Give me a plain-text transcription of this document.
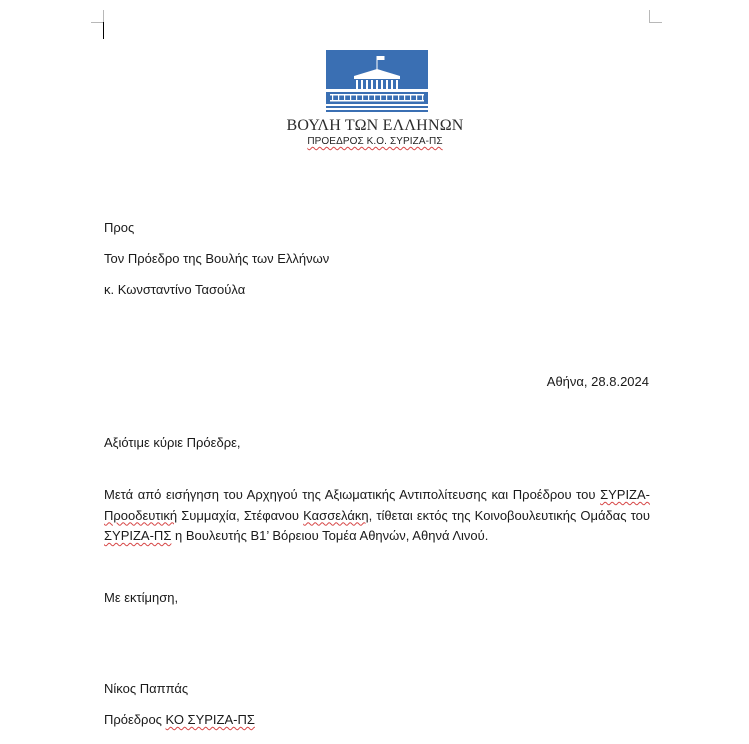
ΒΟΥΛΗ ΤΩΝ ΕΛΛΗΝΩΝ
ΠΡΟΕΔΡΟΣ Κ.Ο. ΣΥΡΙΖΑ-ΠΣ
Προς
Τον Πρόεδρο της Βουλής των Ελλήνων
κ. Κωνσταντίνο Τασούλα
Αθήνα, 28.8.2024
Αξιότιμε κύριε Πρόεδρε,
Μετά από εισήγηση του Αρχηγού της Αξιωματικής Αντιπολίτευσης και Προέδρου του ΣΥΡΙΖΑ-Προοδευτική Συμμαχία, Στέφανου Κασσελάκη, τίθεται εκτός της Κοινοβουλευτικής Ομάδας του ΣΥΡΙΖΑ-ΠΣ η Βουλευτής Β1’ Βόρειου Τομέα Αθηνών, Αθηνά Λινού.
Με εκτίμηση,
Νίκος Παππάς
Πρόεδρος ΚΟ ΣΥΡΙΖΑ-ΠΣ
